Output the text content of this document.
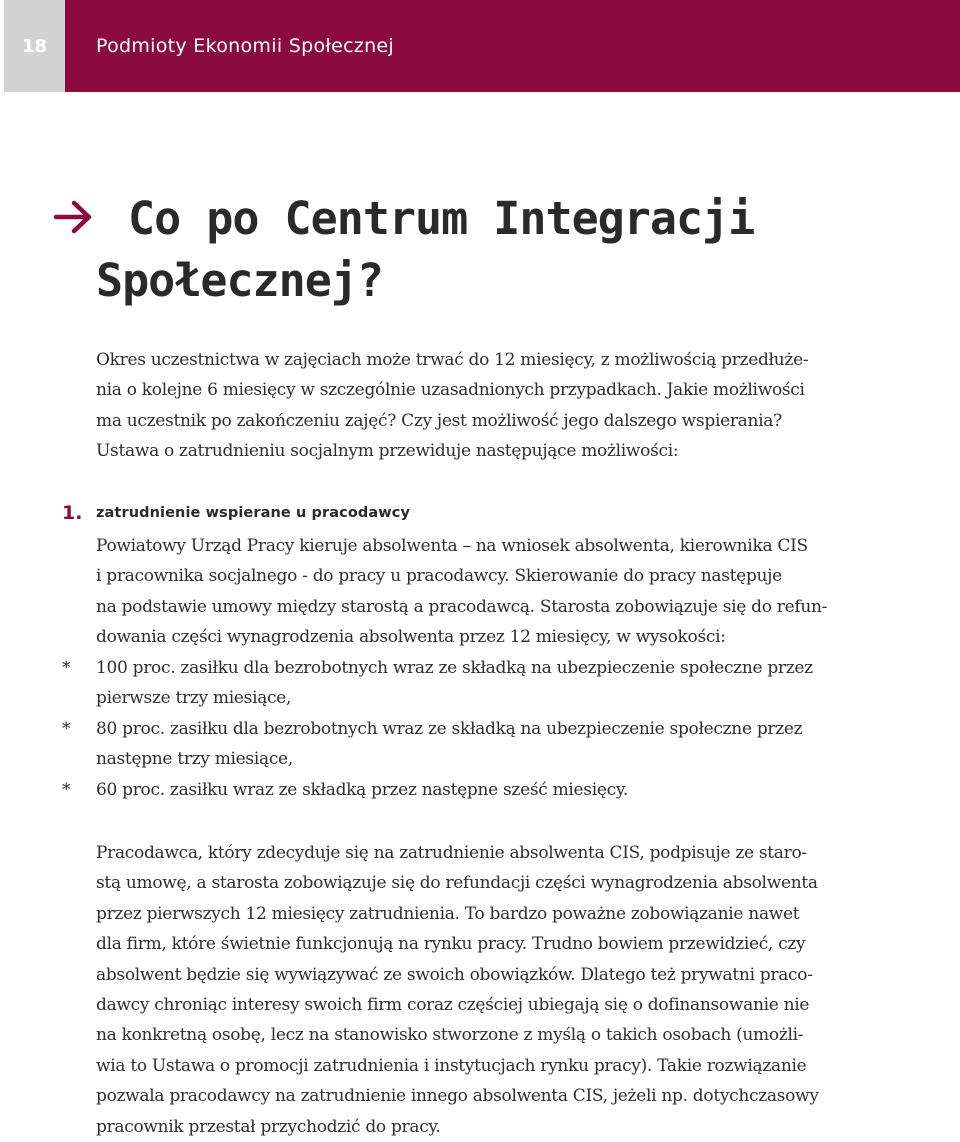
18	Podmioty Ekonomii Społecznej
Co po Centrum Integracji
Społecznej?
Okres uczestnictwa w zajęciach może trwać do 12 miesięcy, z możliwością przedłuże-
nia o kolejne 6 miesięcy w szczególnie uzasadnionych przypadkach. Jakie możliwości
ma uczestnik po zakończeniu zajęć? Czy jest możliwość jego dalszego wspierania?
Ustawa o zatrudnieniu socjalnym przewiduje następujące możliwości:
1. zatrudnienie wspierane u pracodawcy
Powiatowy Urząd Pracy kieruje absolwenta – na wniosek absolwenta, kierownika CIS
i pracownika socjalnego - do pracy u pracodawcy. Skierowanie do pracy następuje
na podstawie umowy między starostą a pracodawcą. Starosta zobowiązuje się do refun-
dowania części wynagrodzenia absolwenta przez 12 miesięcy, w wysokości:
*	100 proc. zasiłku dla bezrobotnych wraz ze składką na ubezpieczenie społeczne przez
pierwsze trzy miesiące,
*	80 proc. zasiłku dla bezrobotnych wraz ze składką na ubezpieczenie społeczne przez
następne trzy miesiące,
*	60 proc. zasiłku wraz ze składką przez następne sześć miesięcy.
Pracodawca, który zdecyduje się na zatrudnienie absolwenta CIS, podpisuje ze staro-
stą umowę, a starosta zobowiązuje się do refundacji części wynagrodzenia absolwenta
przez pierwszych 12 miesięcy zatrudnienia. To bardzo poważne zobowiązanie nawet
dla firm, które świetnie funkcjonują na rynku pracy. Trudno bowiem przewidzieć, czy
absolwent będzie się wywiązywać ze swoich obowiązków. Dlatego też prywatni praco-
dawcy chroniąc interesy swoich firm coraz częściej ubiegają się o dofinansowanie nie
na konkretną osobę, lecz na stanowisko stworzone z myślą o takich osobach (umożli-
wia to Ustawa o promocji zatrudnienia i instytucjach rynku pracy). Takie rozwiązanie
pozwala pracodawcy na zatrudnienie innego absolwenta CIS, jeżeli np. dotychczasowy
pracownik przestał przychodzić do pracy.
